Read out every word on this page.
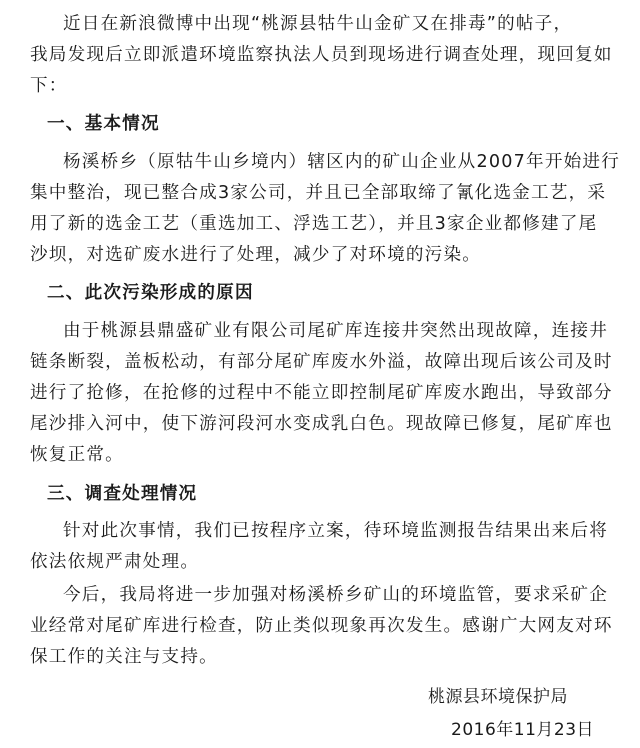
近日在新浪微博中出现“桃源县牯牛山金矿又在排毒”的帖子，
我局发现后立即派遣环境监察执法人员到现场进行调查处理，现回复如
下：
一、基本情况
杨溪桥乡（原牯牛山乡境内）辖区内的矿山企业从2007年开始进行
集中整治，现已整合成3家公司，并且已全部取缔了氰化选金工艺，采
用了新的选金工艺（重选加工、浮选工艺），并且3家企业都修建了尾
沙坝，对选矿废水进行了处理，减少了对环境的污染。
二、此次污染形成的原因
由于桃源县鼎盛矿业有限公司尾矿库连接井突然出现故障，连接井
链条断裂，盖板松动，有部分尾矿库废水外溢，故障出现后该公司及时
进行了抢修，在抢修的过程中不能立即控制尾矿库废水跑出，导致部分
尾沙排入河中，使下游河段河水变成乳白色。现故障已修复，尾矿库也
恢复正常。
三、调查处理情况
针对此次事情，我们已按程序立案，待环境监测报告结果出来后将
依法依规严肃处理。
今后，我局将进一步加强对杨溪桥乡矿山的环境监管，要求采矿企
业经常对尾矿库进行检查，防止类似现象再次发生。感谢广大网友对环
保工作的关注与支持。
桃源县环境保护局
2016年11月23日
